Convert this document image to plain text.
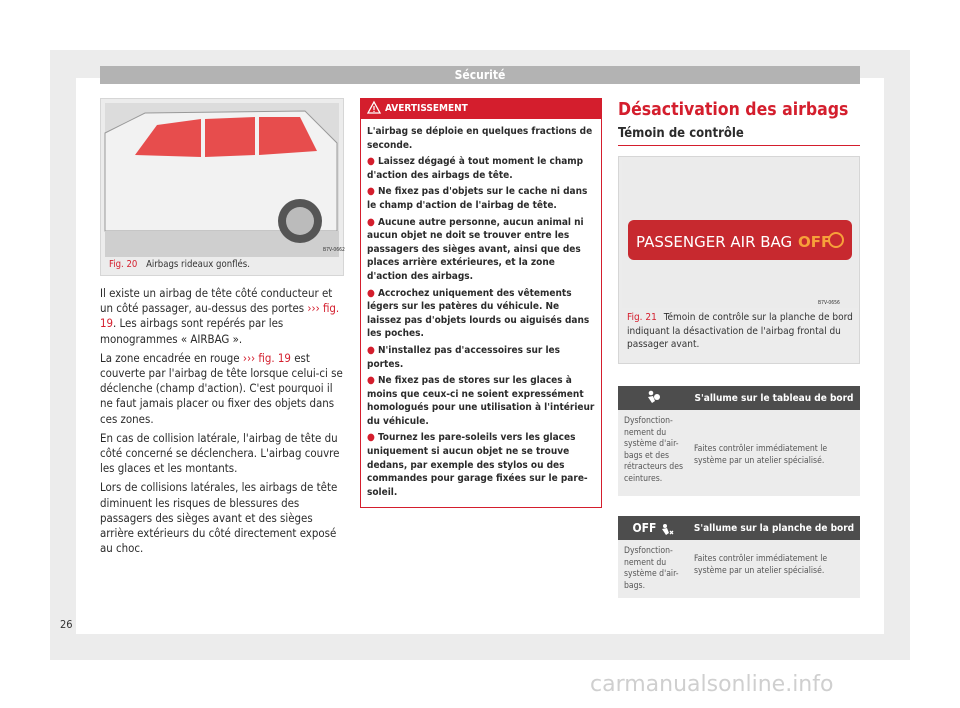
Sécurité
B7V-0662
Fig. 20 Airbags rideaux gonflés.

Il existe un airbag de tête côté conducteur et un côté passager, au-dessus des portes ››› fig. 19. Les airbags sont repérés par les monogrammes « AIRBAG ».

La zone encadrée en rouge ››› fig. 19 est couverte par l'airbag de tête lorsque celui-ci se déclenche (champ d'action). C'est pourquoi il ne faut jamais placer ou fixer des objets dans ces zones.

En cas de collision latérale, l'airbag de tête du côté concerné se déclenchera. L'airbag couvre les glaces et les montants.

Lors de collisions latérales, les airbags de tête diminuent les risques de blessures des passagers des sièges avant et des sièges arrière extérieurs du côté directement exposé au choc.

AVERTISSEMENT
L'airbag se déploie en quelques fractions de seconde.
● Laissez dégagé à tout moment le champ d'action des airbags de tête.
● Ne fixez pas d'objets sur le cache ni dans le champ d'action de l'airbag de tête.
● Aucune autre personne, aucun animal ni aucun objet ne doit se trouver entre les passagers des sièges avant, ainsi que des places arrière extérieures, et la zone d'action des airbags.
● Accrochez uniquement des vêtements légers sur les patères du véhicule. Ne laissez pas d'objets lourds ou aiguisés dans les poches.
● N'installez pas d'accessoires sur les portes.
● Ne fixez pas de stores sur les glaces à moins que ceux-ci ne soient expressément homologués pour une utilisation à l'intérieur du véhicule.
● Tournez les pare-soleils vers les glaces uniquement si aucun objet ne se trouve dedans, par exemple des stylos ou des commandes pour garage fixées sur le pare-soleil.
Désactivation des airbags
Témoin de contrôle
PASSENGER AIR BAG OFF
B7V-0656
Fig. 21 Témoin de contrôle sur la planche de bord indiquant la désactivation de l'airbag frontal du passager avant.
	S'allume sur le tableau de bord
Dysfonction-nement du système d'air-bags et des rétracteurs des ceintures.	Faites contrôler immédiatement le système par un atelier spécialisé.
OFF	S'allume sur la planche de bord
Dysfonction-nement du système d'air-bags.	Faites contrôler immédiatement le système par un atelier spécialisé.
26
carmanualsonline.info
